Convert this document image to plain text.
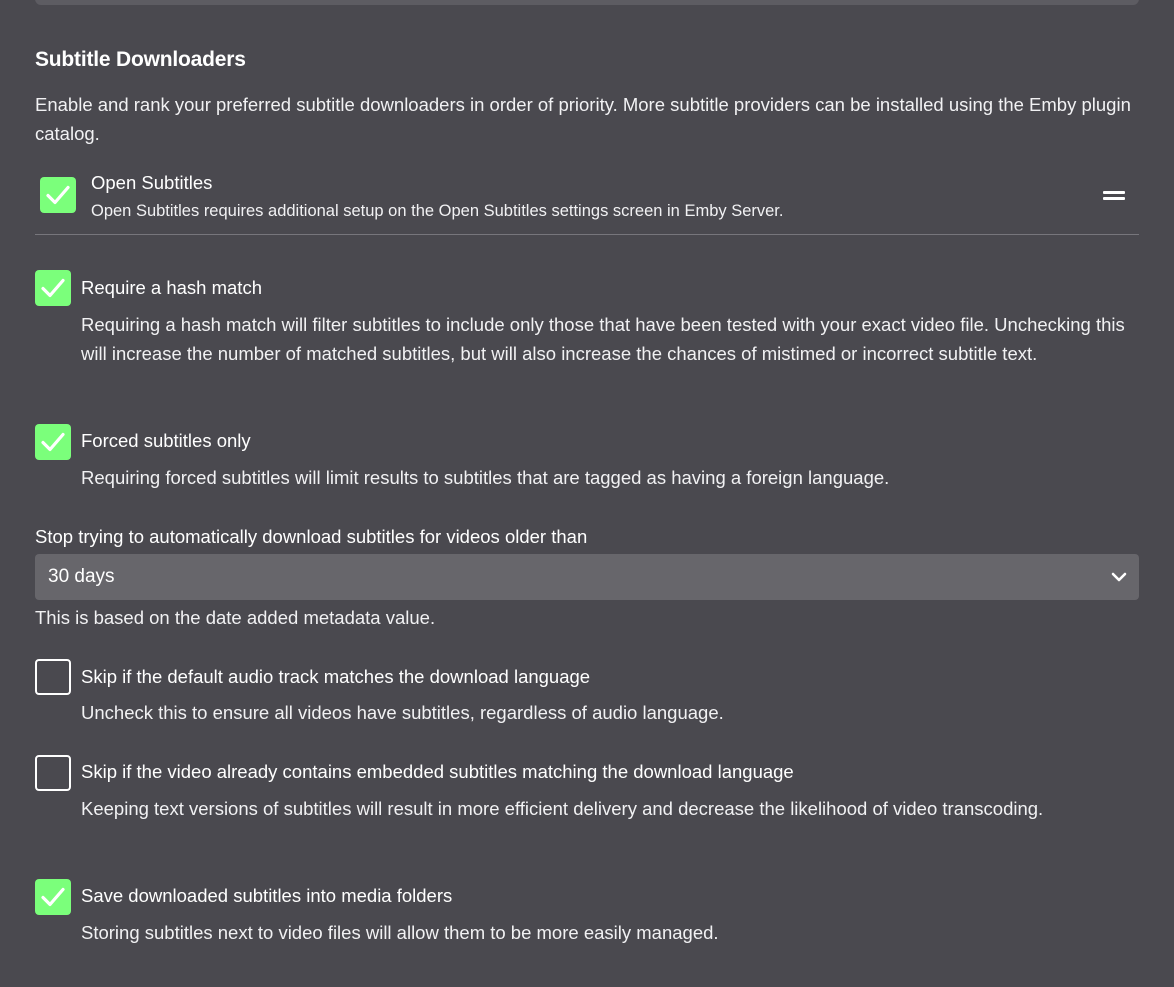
Subtitle Downloaders
Enable and rank your preferred subtitle downloaders in order of priority. More subtitle providers can be installed using the Emby plugin catalog.
Open Subtitles
Open Subtitles requires additional setup on the Open Subtitles settings screen in Emby Server.
Require a hash match
Requiring a hash match will filter subtitles to include only those that have been tested with your exact video file. Unchecking this will increase the number of matched subtitles, but will also increase the chances of mistimed or incorrect subtitle text.
Forced subtitles only
Requiring forced subtitles will limit results to subtitles that are tagged as having a foreign language.
Stop trying to automatically download subtitles for videos older than
30 days
This is based on the date added metadata value.
Skip if the default audio track matches the download language
Uncheck this to ensure all videos have subtitles, regardless of audio language.
Skip if the video already contains embedded subtitles matching the download language
Keeping text versions of subtitles will result in more efficient delivery and decrease the likelihood of video transcoding.
Save downloaded subtitles into media folders
Storing subtitles next to video files will allow them to be more easily managed.
